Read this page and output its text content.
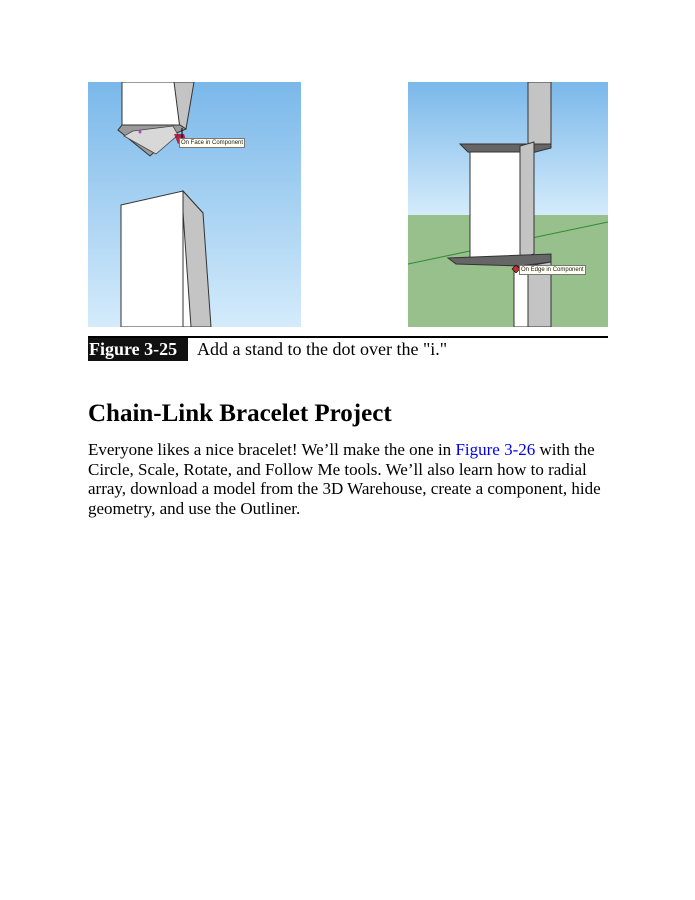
On Face in Component
On Edge in Component
Figure 3-25	Add a stand to the dot over the "i."
Chain-Link Bracelet Project

Everyone likes a nice bracelet! We’ll make the one in Figure 3-26 with the Circle, Scale, Rotate, and Follow Me tools. We’ll also learn how to radial array, download a model from the 3D Warehouse, create a component, hide geometry, and use the Outliner.
